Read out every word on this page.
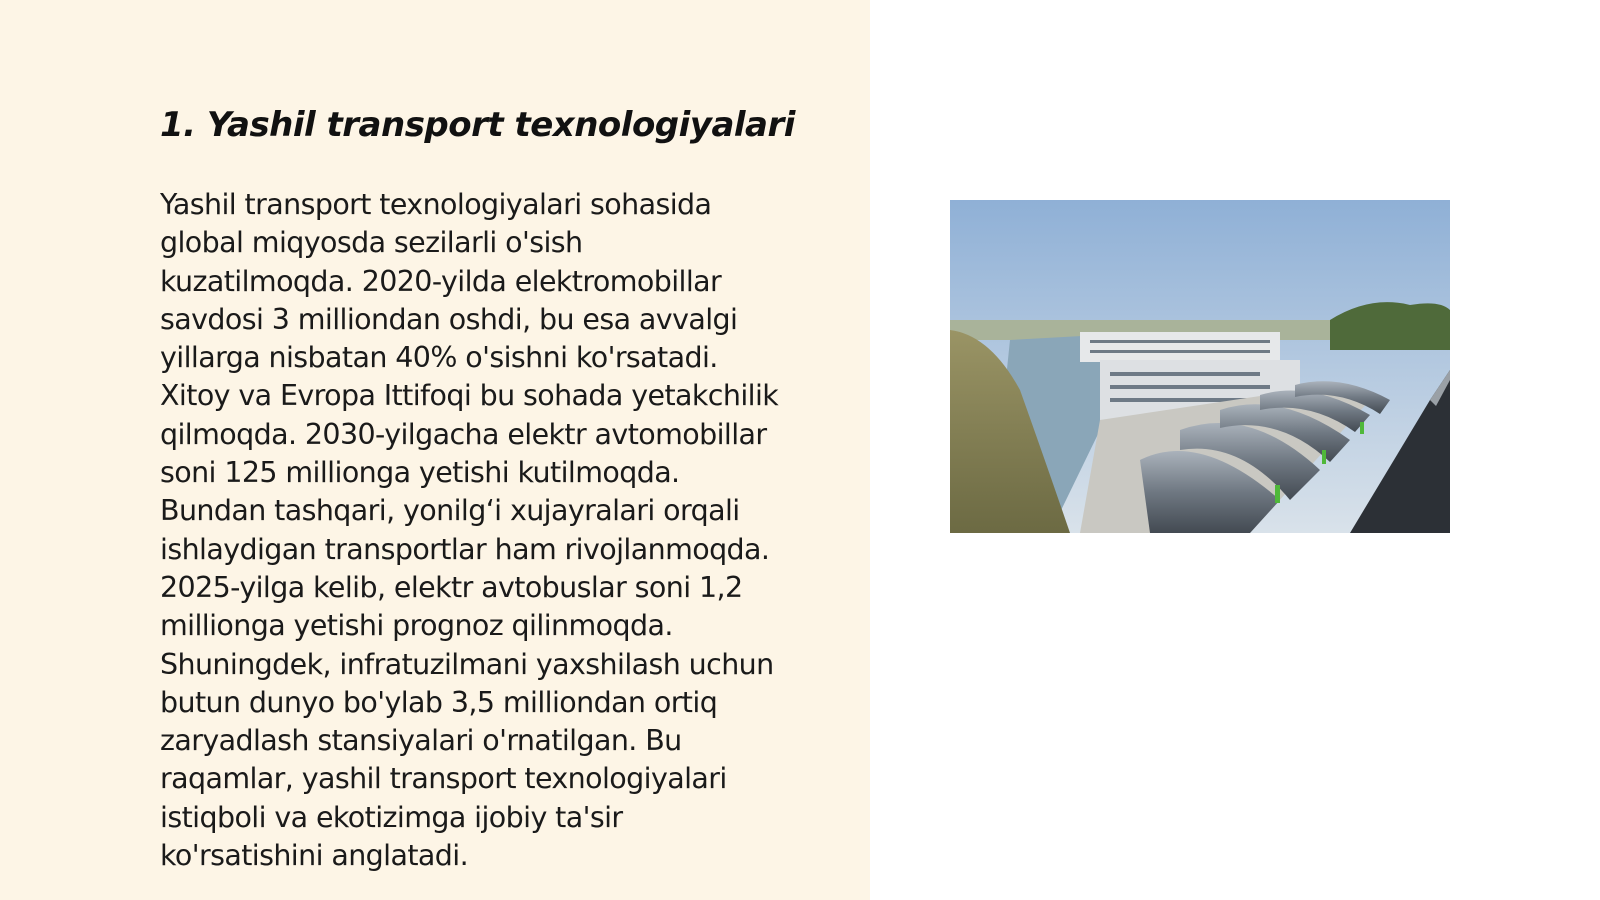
1. Yashil transport texnologiyalari

Yashil transport texnologiyalari sohasida
global miqyosda sezilarli o'sish
kuzatilmoqda. 2020-yilda elektromobillar
savdosi 3 milliondan oshdi, bu esa avvalgi
yillarga nisbatan 40% o'sishni ko'rsatadi.
Xitoy va Evropa Ittifoqi bu sohada yetakchilik
qilmoqda. 2030-yilgacha elektr avtomobillar
soni 125 millionga yetishi kutilmoqda.
Bundan tashqari, yonilg‘i xujayralari orqali
ishlaydigan transportlar ham rivojlanmoqda.
2025-yilga kelib, elektr avtobuslar soni 1,2
millionga yetishi prognoz qilinmoqda.
Shuningdek, infratuzilmani yaxshilash uchun
butun dunyo bo'ylab 3,5 milliondan ortiq
zaryadlash stansiyalari o'rnatilgan. Bu
raqamlar, yashil transport texnologiyalari
istiqboli va ekotizimga ijobiy ta'sir
ko'rsatishini anglatadi.
